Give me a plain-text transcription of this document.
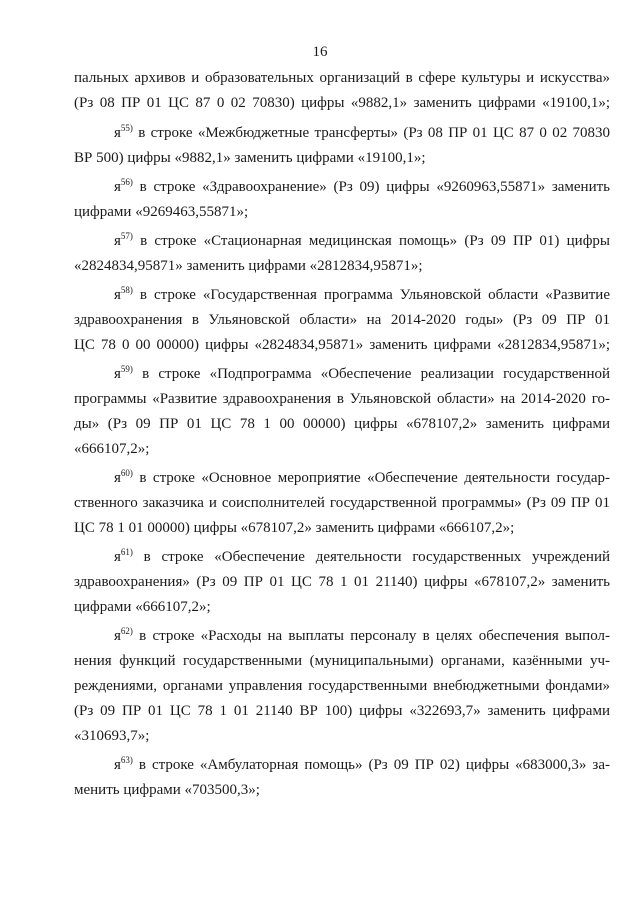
16
пальных архивов и образовательных организаций в сфере культуры и искусства»
(Рз 08 ПР 01 ЦС 87 0 02 70830) цифры «9882,1» заменить цифрами «19100,1»;
$я^{55)}$ в строке «Межбюджетные трансферты» (Рз 08 ПР 01 ЦС 87 0 02 70830
ВР 500) цифры «9882,1» заменить цифрами «19100,1»;
$я^{56)}$ в строке «Здравоохранение» (Рз 09) цифры «9260963,55871» заменить
цифрами «9269463,55871»;
$я^{57)}$ в строке «Стационарная медицинская помощь» (Рз 09 ПР 01) цифры
«2824834,95871» заменить цифрами «2812834,95871»;
$я^{58)}$ в строке «Государственная программа Ульяновской области «Развитие
здравоохранения в Ульяновской области» на 2014-2020 годы» (Рз 09 ПР 01
ЦС 78 0 00 00000) цифры «2824834,95871» заменить цифрами «2812834,95871»;
$я^{59)}$ в строке «Подпрограмма «Обеспечение реализации государственной
программы «Развитие здравоохранения в Ульяновской области» на 2014-2020 го-
ды» (Рз 09 ПР 01 ЦС 78 1 00 00000) цифры «678107,2» заменить цифрами
«666107,2»;
$я^{60)}$ в строке «Основное мероприятие «Обеспечение деятельности государ-
ственного заказчика и соисполнителей государственной программы» (Рз 09 ПР 01
ЦС 78 1 01 00000) цифры «678107,2» заменить цифрами «666107,2»;
$я^{61)}$ в строке «Обеспечение деятельности государственных учреждений
здравоохранения» (Рз 09 ПР 01 ЦС 78 1 01 21140) цифры «678107,2» заменить
цифрами «666107,2»;
$я^{62)}$ в строке «Расходы на выплаты персоналу в целях обеспечения выпол-
нения функций государственными (муниципальными) органами, казёнными уч-
реждениями, органами управления государственными внебюджетными фондами»
(Рз 09 ПР 01 ЦС 78 1 01 21140 ВР 100) цифры «322693,7» заменить цифрами
«310693,7»;
$я^{63)}$ в строке «Амбулаторная помощь» (Рз 09 ПР 02) цифры «683000,3» за-
менить цифрами «703500,3»;
